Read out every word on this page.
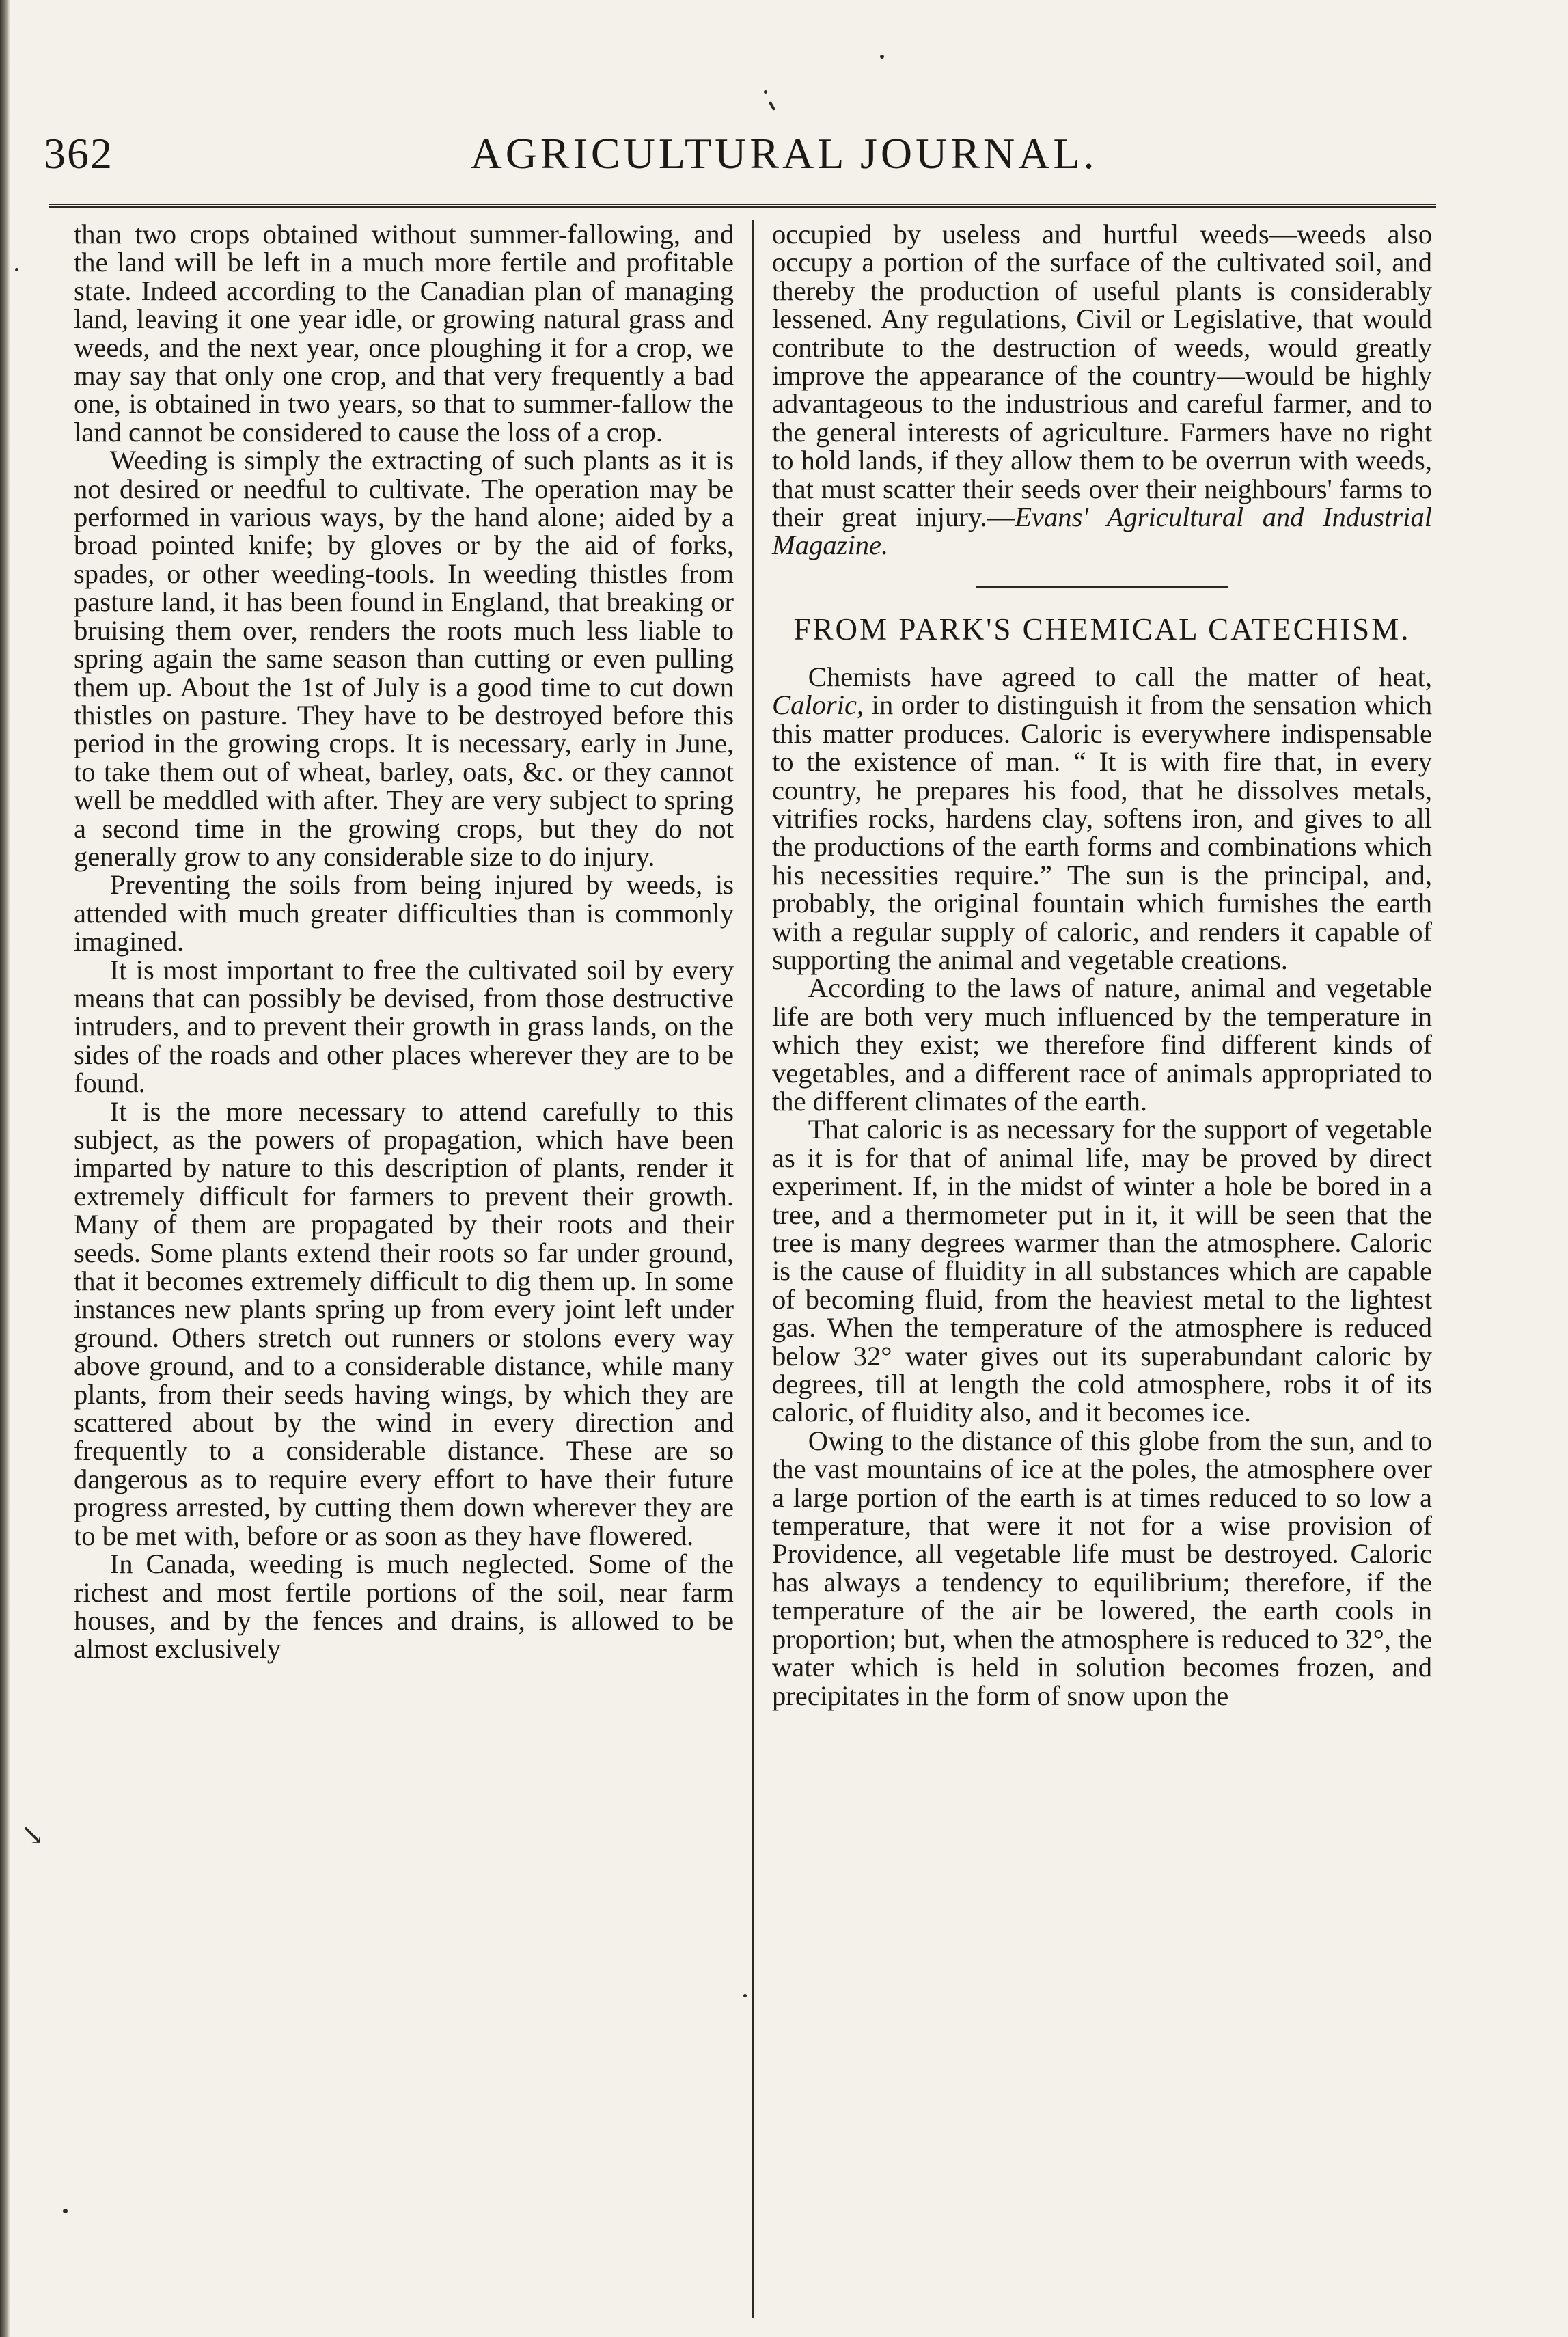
↘
362	AGRICULTURAL JOURNAL.

than two crops obtained without summer-fallowing, and the land will be left in a much more fertile and profitable state. Indeed according to the Canadian plan of managing land, leaving it one year idle, or growing natural grass and weeds, and the next year, once ploughing it for a crop, we may say that only one crop, and that very frequently a bad one, is obtained in two years, so that to summer-fallow the land cannot be considered to cause the loss of a crop.

Weeding is simply the extracting of such plants as it is not desired or needful to cultivate. The operation may be performed in various ways, by the hand alone; aided by a broad pointed knife; by gloves or by the aid of forks, spades, or other weeding-tools. In weeding thistles from pasture land, it has been found in England, that breaking or bruising them over, renders the roots much less liable to spring again the same season than cutting or even pulling them up. About the 1st of July is a good time to cut down thistles on pasture. They have to be destroyed before this period in the growing crops. It is necessary, early in June, to take them out of wheat, barley, oats, &c. or they cannot well be meddled with after. They are very subject to spring a second time in the growing crops, but they do not generally grow to any considerable size to do injury.

Preventing the soils from being injured by weeds, is attended with much greater difficulties than is commonly imagined.

It is most important to free the cultivated soil by every means that can possibly be devised, from those destructive intruders, and to prevent their growth in grass lands, on the sides of the roads and other places wherever they are to be found.

It is the more necessary to attend carefully to this subject, as the powers of propagation, which have been imparted by nature to this description of plants, render it extremely difficult for farmers to prevent their growth. Many of them are propagated by their roots and their seeds. Some plants extend their roots so far under ground, that it becomes extremely difficult to dig them up. In some instances new plants spring up from every joint left under ground. Others stretch out runners or stolons every way above ground, and to a considerable distance, while many plants, from their seeds having wings, by which they are scattered about by the wind in every direction and frequently to a considerable distance. These are so dangerous as to require every effort to have their future progress arrested, by cutting them down wherever they are to be met with, before or as soon as they have flowered.

In Canada, weeding is much neglected. Some of the richest and most fertile portions of the soil, near farm houses, and by the fences and drains, is allowed to be almost exclusively

occupied by useless and hurtful weeds—weeds also occupy a portion of the surface of the cultivated soil, and thereby the production of useful plants is considerably lessened. Any regulations, Civil or Legislative, that would contribute to the destruction of weeds, would greatly improve the appearance of the country—would be highly advantageous to the industrious and careful farmer, and to the general interests of agriculture. Farmers have no right to hold lands, if they allow them to be overrun with weeds, that must scatter their seeds over their neighbours' farms to their great injury.—Evans' Agricultural and Industrial Magazine.

FROM PARK'S CHEMICAL CATECHISM.

Chemists have agreed to call the matter of heat, Caloric, in order to distinguish it from the sensation which this matter produces. Caloric is everywhere indispensable to the existence of man. “ It is with fire that, in every country, he prepares his food, that he dissolves metals, vitrifies rocks, hardens clay, softens iron, and gives to all the productions of the earth forms and combinations which his necessities require.” The sun is the principal, and, probably, the original fountain which furnishes the earth with a regular supply of caloric, and renders it capable of supporting the animal and vegetable creations.

According to the laws of nature, animal and vegetable life are both very much influenced by the temperature in which they exist; we therefore find different kinds of vegetables, and a different race of animals appropriated to the different climates of the earth.

That caloric is as necessary for the support of vegetable as it is for that of animal life, may be proved by direct experiment. If, in the midst of winter a hole be bored in a tree, and a thermometer put in it, it will be seen that the tree is many degrees warmer than the atmosphere. Caloric is the cause of fluidity in all substances which are capable of becoming fluid, from the heaviest metal to the lightest gas. When the temperature of the atmosphere is reduced below 32° water gives out its superabundant caloric by degrees, till at length the cold atmosphere, robs it of its caloric, of fluidity also, and it becomes ice.

Owing to the distance of this globe from the sun, and to the vast mountains of ice at the poles, the atmosphere over a large portion of the earth is at times reduced to so low a temperature, that were it not for a wise provision of Providence, all vegetable life must be destroyed. Caloric has always a tendency to equilibrium; therefore, if the temperature of the air be lowered, the earth cools in proportion; but, when the atmosphere is reduced to 32°, the water which is held in solution becomes frozen, and precipitates in the form of snow upon the
